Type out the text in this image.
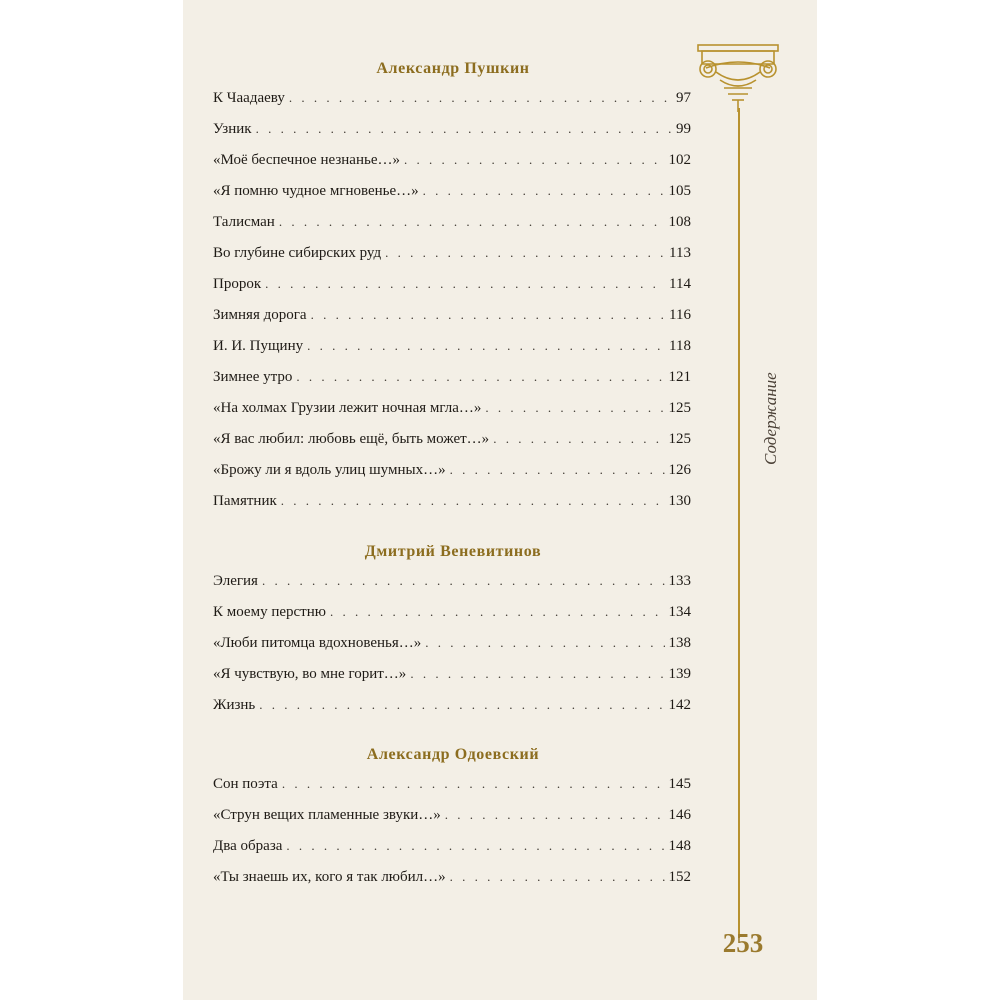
Содержание
Александр Пушкин
К Чаадаеву . . .	97
Узник . . .	99
«Моё беспечное незнанье…» . . .	102
«Я помню чудное мгновенье…» . . .	105
Талисман . . .	108
Во глубине сибирских руд . . .	113
Пророк . . .	114
Зимняя дорога . . .	116
И. И. Пущину . . .	118
Зимнее утро . . .	121
«На холмах Грузии лежит ночная мгла…» . . .	125
«Я вас любил: любовь ещё, быть может…» . . .	125
«Брожу ли я вдоль улиц шумных…» . . .	126
Памятник . . .	130
Дмитрий Веневитинов
Элегия . . .	133
К моему перстню . . .	134
«Люби питомца вдохновенья…» . . .	138
«Я чувствую, во мне горит…» . . .	139
Жизнь . . .	142
Александр Одоевский
Сон поэта . . .	145
«Струн вещих пламенные звуки…» . . .	146
Два образа . . .	148
«Ты знаешь их, кого я так любил…» . . .	152
253
